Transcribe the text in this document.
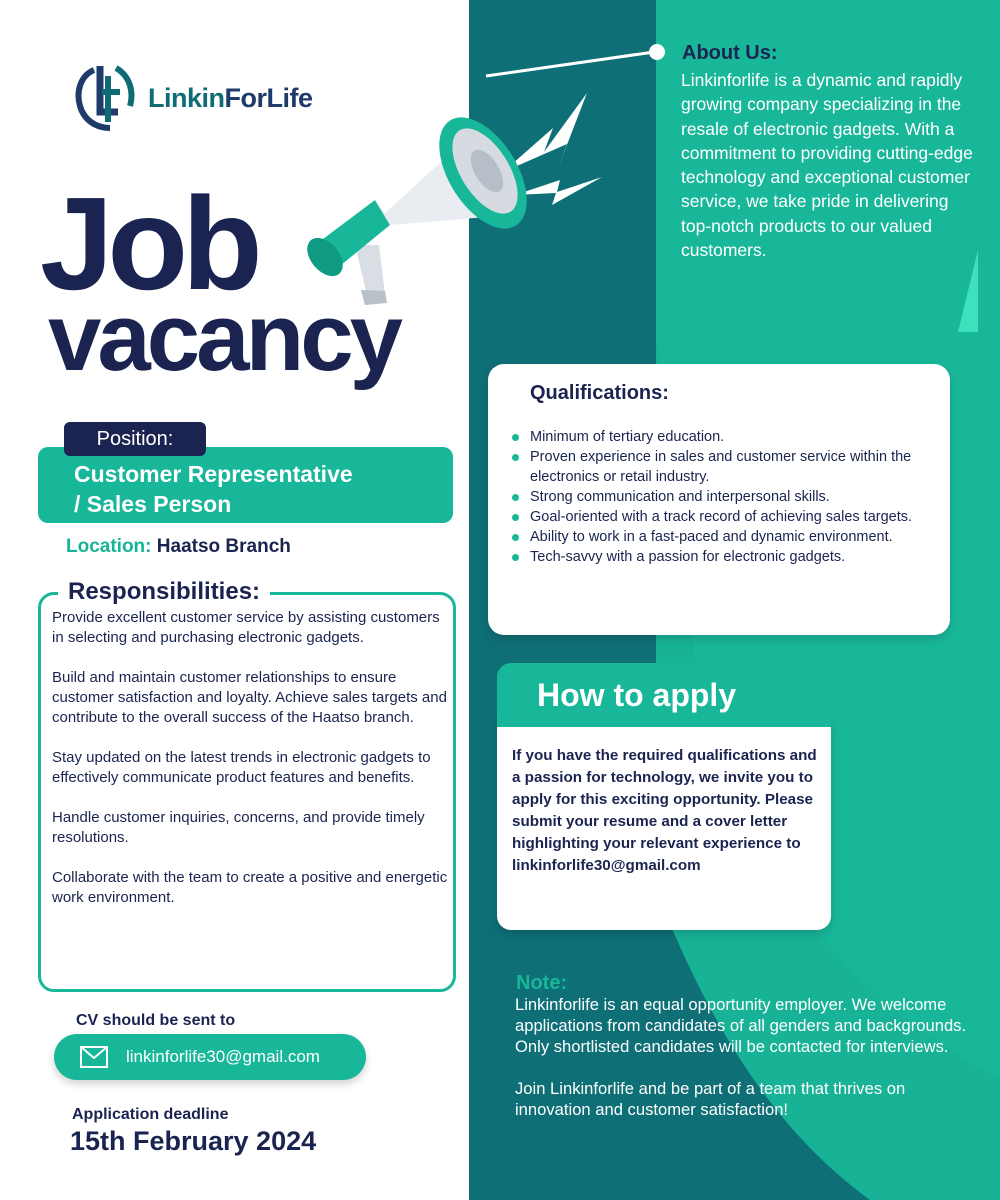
LinkinForLife
Job
vacancy
Customer Representative
/ Sales Person
Position:
Location: Haatso Branch
Responsibilities:

Provide excellent customer service by assisting customers in selecting and purchasing electronic gadgets.

Build and maintain customer relationships to ensure customer satisfaction and loyalty. Achieve sales targets and contribute to the overall success of the Haatso branch.

Stay updated on the latest trends in electronic gadgets to effectively communicate product features and benefits.

Handle customer inquiries, concerns, and provide timely resolutions.

Collaborate with the team to create a positive and energetic work environment.

CV should be sent to
linkinforlife30@gmail.com
Application deadline
15th February 2024
About Us:
Linkinforlife is a dynamic and rapidly growing company specializing in the resale of electronic gadgets. With a commitment to providing cutting-edge technology and exceptional customer service, we take pride in delivering top-notch products to our valued customers.
Qualifications:
Minimum of tertiary education.
Proven experience in sales and customer service within the electronics or retail industry.
Strong communication and interpersonal skills.
Goal-oriented with a track record of achieving sales targets.
Ability to work in a fast-paced and dynamic environment.
Tech-savvy with a passion for electronic gadgets.
How to apply
If you have the required qualifications and a passion for technology, we invite you to apply for this exciting opportunity. Please submit your resume and a cover letter highlighting your relevant experience to
linkinforlife30@gmail.com
Note:

Linkinforlife is an equal opportunity employer. We welcome applications from candidates of all genders and backgrounds. Only shortlisted candidates will be contacted for interviews.

Join Linkinforlife and be part of a team that thrives on innovation and customer satisfaction!
